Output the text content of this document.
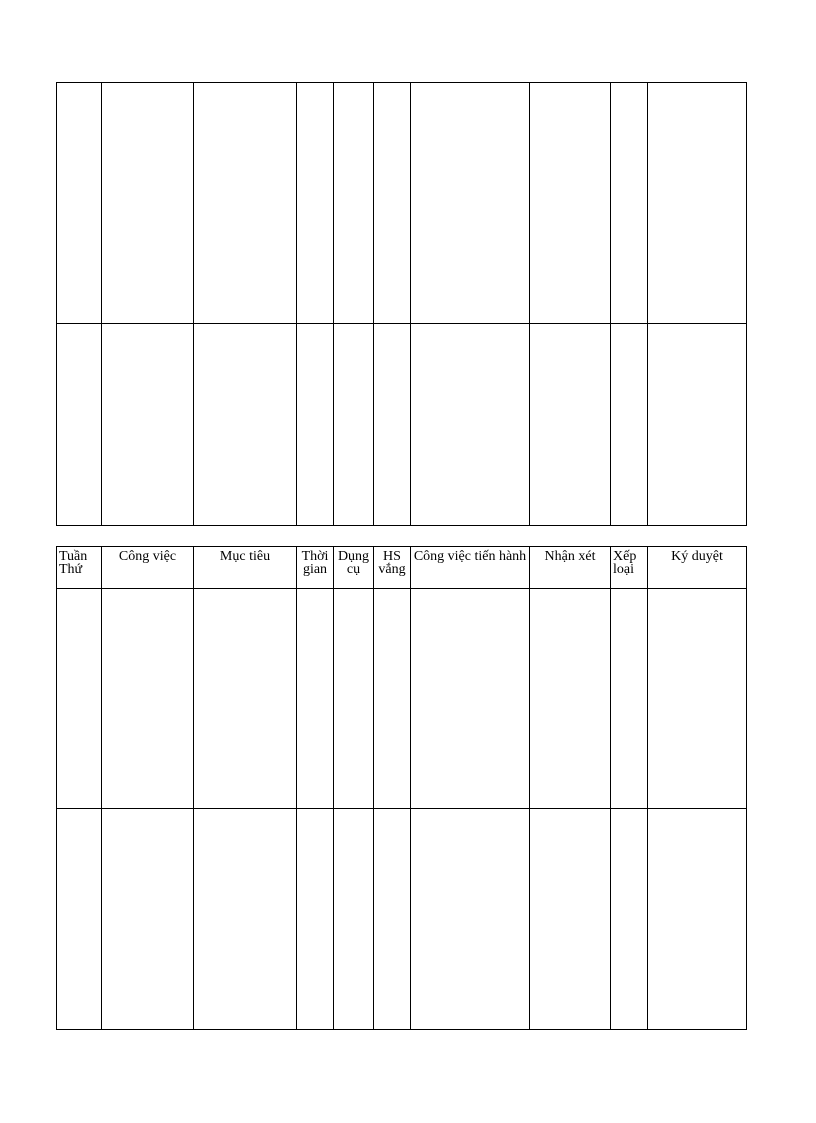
Tuần Thứ	Công việc	Mục tiêu	Thời gian	Dụng cụ	HS vắng	Công việc tiến hành	Nhận xét	Xếp loại	Ký duyệt
